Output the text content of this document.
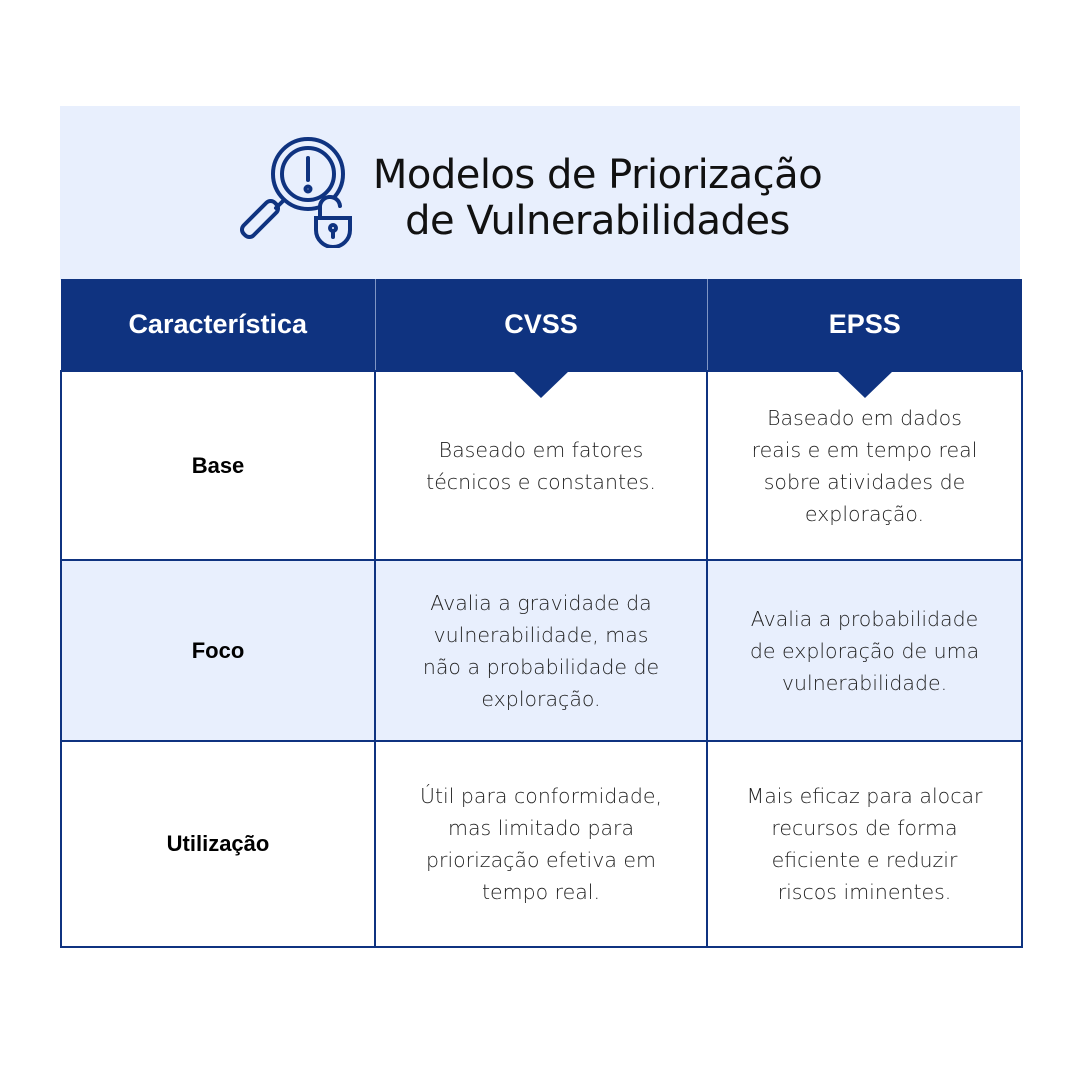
Modelos de Priorização
de Vulnerabilidades
Característica	CVSS	EPSS

Base	Baseado em fatores técnicos e constantes.	Baseado em dados reais e em tempo real sobre atividades de exploração.
Foco	Avalia a gravidade da vulnerabilidade, mas não a probabilidade de exploração.	Avalia a probabilidade de exploração de uma vulnerabilidade.
Utilização	Útil para conformidade, mas limitado para priorização efetiva em tempo real.	Mais eficaz para alocar recursos de forma eficiente e reduzir riscos iminentes.
